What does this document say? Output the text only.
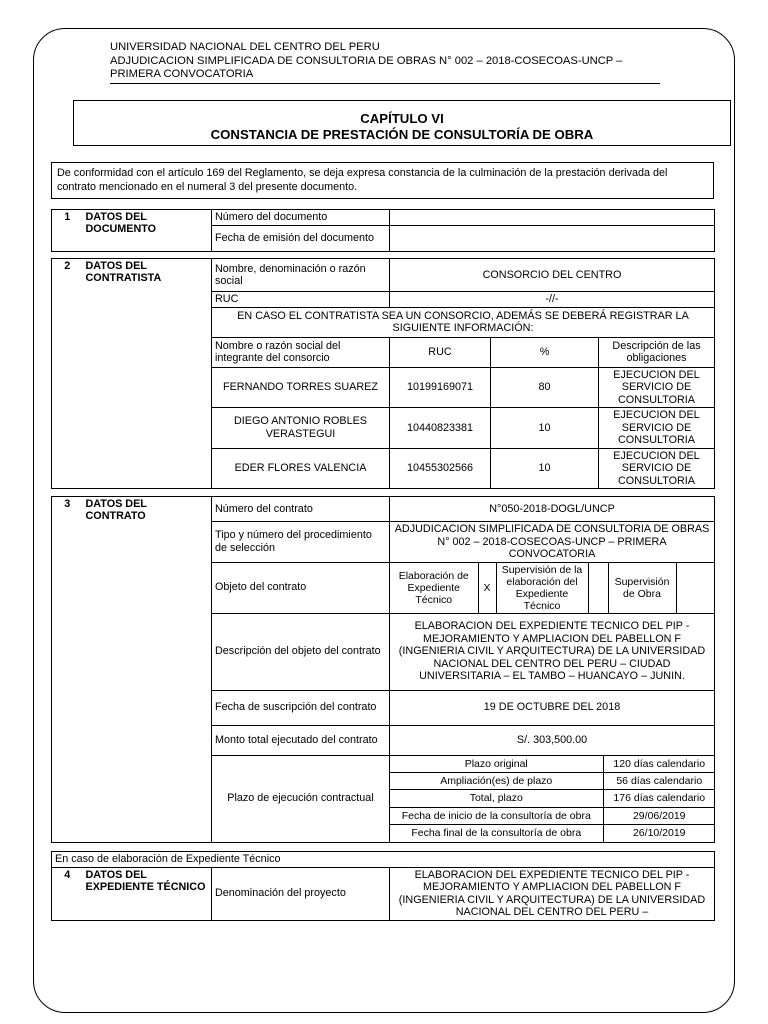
UNIVERSIDAD NACIONAL DEL CENTRO DEL PERU
ADJUDICACION SIMPLIFICADA DE CONSULTORIA DE OBRAS N° 002 – 2018-COSECOAS-UNCP –
PRIMERA CONVOCATORIA
CAPÍTULO VI
CONSTANCIA DE PRESTACIÓN DE CONSULTORÍA DE OBRA
De conformidad con el artículo 169 del Reglamento, se deja expresa constancia de la culminación de la prestación derivada del contrato mencionado en el numeral 3 del presente documento.
1	DATOS DEL DOCUMENTO	Número del documento	
		Fecha de emisión del documento	
2	DATOS DEL CONTRATISTA	Nombre, denominación o razón social	CONSORCIO DEL CENTRO		
		RUC	-//-		
		EN CASO EL CONTRATISTA SEA UN CONSORCIO, ADEMÁS SE DEBERÁ REGISTRAR LA SIGUIENTE INFORMACIÓN:			
		Nombre o razón social del integrante del consorcio	RUC	%	Descripción de las obligaciones
		FERNANDO TORRES SUAREZ	10199169071	80	EJECUCION DEL SERVICIO DE CONSULTORIA
		DIEGO ANTONIO ROBLES VERASTEGUI	10440823381	10	EJECUCION DEL SERVICIO DE CONSULTORIA
		EDER FLORES VALENCIA	10455302566	10	EJECUCION DEL SERVICIO DE CONSULTORIA
3	DATOS DEL CONTRATO	Número del contrato	N°050-2018-DOGL/UNCP
Tipo y número del procedimiento de selección	ADJUDICACION SIMPLIFICADA DE CONSULTORIA DE OBRAS N° 002 – 2018-COSECOAS-UNCP – PRIMERA CONVOCATORIA
Objeto del contrato	
Elaboración de Expediente Técnico	X	Supervisión de la elaboración del Expediente Técnico		Supervisión de Obra	

Descripción del objeto del contrato	ELABORACION DEL EXPEDIENTE TECNICO DEL PIP - MEJORAMIENTO Y AMPLIACION DEL PABELLON F (INGENIERIA CIVIL Y ARQUITECTURA) DE LA UNIVERSIDAD NACIONAL DEL CENTRO DEL PERU – CIUDAD UNIVERSITARIA – EL TAMBO – HUANCAYO – JUNIN.
Fecha de suscripción del contrato	19 DE OCTUBRE DEL 2018
Monto total ejecutado del contrato	S/. 303,500.00
Plazo de ejecución contractual	
Plazo original	120 días calendario
Ampliación(es) de plazo	56 días calendario
Total, plazo	176 días calendario
Fecha de inicio de la consultoría de obra	29/06/2019
Fecha final de la consultoría de obra	26/10/2019
En caso de elaboración de Expediente Técnico
4	DATOS DEL EXPEDIENTE TÉCNICO	Denominación del proyecto	ELABORACION DEL EXPEDIENTE TECNICO DEL PIP - MEJORAMIENTO Y AMPLIACION DEL PABELLON F (INGENIERIA CIVIL Y ARQUITECTURA) DE LA UNIVERSIDAD NACIONAL DEL CENTRO DEL PERU –
